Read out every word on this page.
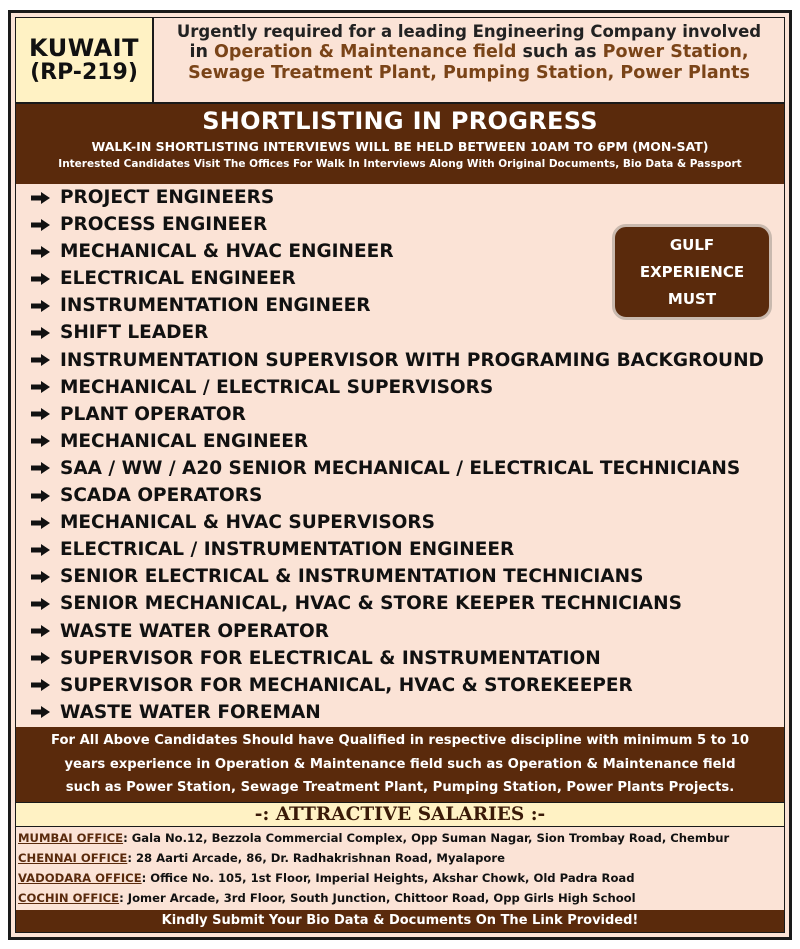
KUWAIT
(RP-219)
Urgently required for a leading Engineering Company involved
in Operation & Maintenance field such as Power Station,
Sewage Treatment Plant, Pumping Station, Power Plants
SHORTLISTING IN PROGRESS
WALK-IN SHORTLISTING INTERVIEWS WILL BE HELD BETWEEN 10AM TO 6PM (MON-SAT)
Interested Candidates Visit The Offices For Walk In Interviews Along With Original Documents, Bio Data & Passport
PROJECT ENGINEERS
PROCESS ENGINEER
MECHANICAL & HVAC ENGINEER
ELECTRICAL ENGINEER
INSTRUMENTATION ENGINEER
SHIFT LEADER
INSTRUMENTATION SUPERVISOR WITH PROGRAMING BACKGROUND
MECHANICAL / ELECTRICAL SUPERVISORS
PLANT OPERATOR
MECHANICAL ENGINEER
SAA / WW / A20 SENIOR MECHANICAL / ELECTRICAL TECHNICIANS
SCADA OPERATORS
MECHANICAL & HVAC SUPERVISORS
ELECTRICAL / INSTRUMENTATION ENGINEER
SENIOR ELECTRICAL & INSTRUMENTATION TECHNICIANS
SENIOR MECHANICAL, HVAC & STORE KEEPER TECHNICIANS
WASTE WATER OPERATOR
SUPERVISOR FOR ELECTRICAL & INSTRUMENTATION
SUPERVISOR FOR MECHANICAL, HVAC & STOREKEEPER
WASTE WATER FOREMAN
GULF
EXPERIENCE
MUST
For All Above Candidates Should have Qualified in respective discipline with minimum 5 to 10
years experience in Operation & Maintenance field such as Operation & Maintenance field
such as Power Station, Sewage Treatment Plant, Pumping Station, Power Plants Projects.
-: ATTRACTIVE SALARIES :-
MUMBAI OFFICE: Gala No.12, Bezzola Commercial Complex, Opp Suman Nagar, Sion Trombay Road, Chembur
CHENNAI OFFICE: 28 Aarti Arcade, 86, Dr. Radhakrishnan Road, Myalapore
VADODARA OFFICE: Office No. 105, 1st Floor, Imperial Heights, Akshar Chowk, Old Padra Road
COCHIN OFFICE: Jomer Arcade, 3rd Floor, South Junction, Chittoor Road, Opp Girls High School
Kindly Submit Your Bio Data & Documents On The Link Provided!
